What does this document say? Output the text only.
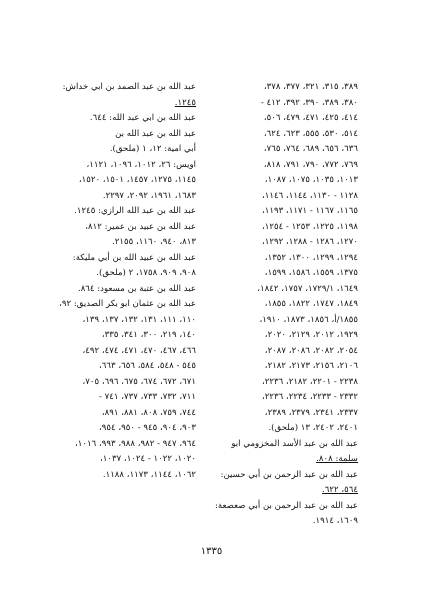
٣٨٩، ٣١٥، ٣٢١، ٣٧٧، ٣٧٨،
٣٨٠، ٣٨٩، ٣٩٠، ٣٩٢، ٤١٢ -
٤١٤، ٤٢٥، ٤٧١، ٤٧٩، ٥٠٦،
٥١٤، ٥٣٠، ٥٥٥، ٦٢٣، ٦٢٤،
٦٣٦، ٦٥٦، ٦٨٩، ٧٦٤، ٧٦٥،
٧٦٩، ٧٧٢، ٧٩٠، ٧٩١، ٨١٨،
١٠١٣، ١٠٣٥، ١٠٧٥، ١٠٨٧،
١١٢٨ - ١١٣٠، ١١٤٤، ١١٤٦،
١١٦٥، ١١٦٧ - ١١٧١، ١١٩٣،
١١٩٨، ١٢٢٥، ١٢٥٣ - ١٢٥٤،
١٢٧٠، ١٢٨٦ - ١٢٨٨، ١٢٩٢،
١٢٩٤، ١٢٩٩، ١٣٠٠، ١٣٥٢،
١٣٧٥، ١٥٥٩، ١٥٨٦، ١٥٩٩،
١٦٤٩، ١٧٢٩/١، ١٧٥٧، ١٨٤٢،
١٨٤٩، ١٧٤٧، ١٨٢٢، ١٨٥٥،
١٨٥٥/أ، ١٨٥٦، ١٨٧٣، ١٩١٠،
١٩٢٩، ٢٠١٢، ٢١٢٩، ٢٠٢٠،
٢٠٥٤، ٢٠٨٢، ٢٠٨٦، ٢٠٨٧،
٢١٠٦، ٢١٥٦، ٢١٧٣، ٢١٨٢،
٢٢٣٨ - ٢٢٠١، ٢١٨٢، ٢٢٣٦،
٢٣٣٢ - ٢٢٣٣، ٢٢٣٤، ٢٢٣٦،
٢٣٣٧، ٢٣٤١، ٢٣٧٩، ٢٣٨٩،
٢٤٠١، ٢٤٠٢، ١٣ (ملحق).
عبد الله بن عبد الأسد المخزومي ابو
سلمة: ٨٠٨.
عبد الله بن عبد الرحمن بن أبي حسين:
٥٦٤، ٦٢٢.
عبد الله بن عبد الرحمن بن أبي صعصعة:
١٦٠٩، ١٩١٤.
عبد الله بن عبد الصمد بن ابي خداش:
١٢٤٥.
عبد الله بن ابي عبد الله: ٦٤٤.
عبد الله بن عبد الله بن
أبي امية: ١٢، ١ (ملحق).
اويس: ٢٦، ١٠١٢، ١٠٩٦، ١١٢١،
١١٤٥، ١٢٧٥، ١٤٥٧، ١٥٠١، ١٥٢٠،
١٦٨٣، ١٩٦١، ٢٠٩٢، ٢٢٩٧.
عبد الله بن عبد الله الرازي: ١٢٤٥.
عبد الله بن عبيد بن عمير: ٨١٢،
٨١٣، ٩٤٠، ١١٦٠، ٢١٥٥.
عبد الله بن عبيد الله بن أبي مليكة:
٩٠٨، ٩٠٩، ١٧٥٨، ٢ (ملحق).
عبد الله بن عتبة بن مسعود: ٨٦٤.
عبد الله بن عثمان ابو بكر الصديق: ٩٢،
١١٠، ١١١، ١٣١، ١٣٢، ١٣٧، ١٣٩،
١٤٠، ٢١٩، ٣٠٠، ٣٤١، ٣٣٥،
٤٦٦، ٤٦٧، ٤٧٠، ٤٧١، ٤٧٤، ٤٩٢،
٥٤٥ - ٥٤٨، ٥٨٤، ٦٥٦، ٦٦٣،
٦٧١، ٦٧٢، ٦٧٤، ٦٧٥، ٦٩٦، ٧٠٥،
٧١١، ٧٣٢، ٧٣٣، ٧٣٧، ٧٤١ -
٧٤٤، ٧٥٩، ٨٠٨، ٨٨١، ٨٩١،
٩٠٣، ٩٠٤، ٩٤٥ - ٩٥٠، ٩٥٤،
٩٦٤، ٩٤٧ - ٩٨٢، ٩٨٨، ٩٩٣، ١٠١٦،
١٠٢٠، ١٠٢٢ - ١٠٢٤، ١٠٣٧،
١٠٦٢، ١١٤٤، ١١٧٣، ١١٨٨.
١٣٣٥
